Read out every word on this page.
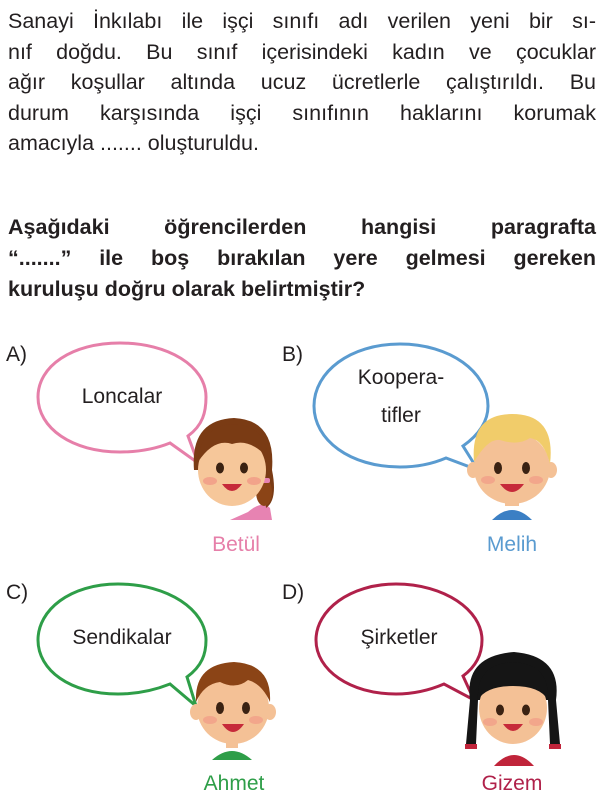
Sanayi İnkılabı ile işçi sınıfı adı verilen yeni bir sı-
nıf doğdu. Bu sınıf içerisindeki kadın ve çocuklar
ağır koşullar altında ucuz ücretlerle çalıştırıldı. Bu
durum karşısında işçi sınıfının haklarını korumak
amacıyla ....... oluşturuldu.
Aşağıdaki öğrencilerden hangisi paragrafta
“.......” ile boş bırakılan yere gelmesi gereken
kuruluşu doğru olarak belirtmiştir?
A)	B)
C)	D)
Loncalar
Koopera-
tifler
Sendikalar	Şirketler
Betül	Melih
Ahmet	Gizem
